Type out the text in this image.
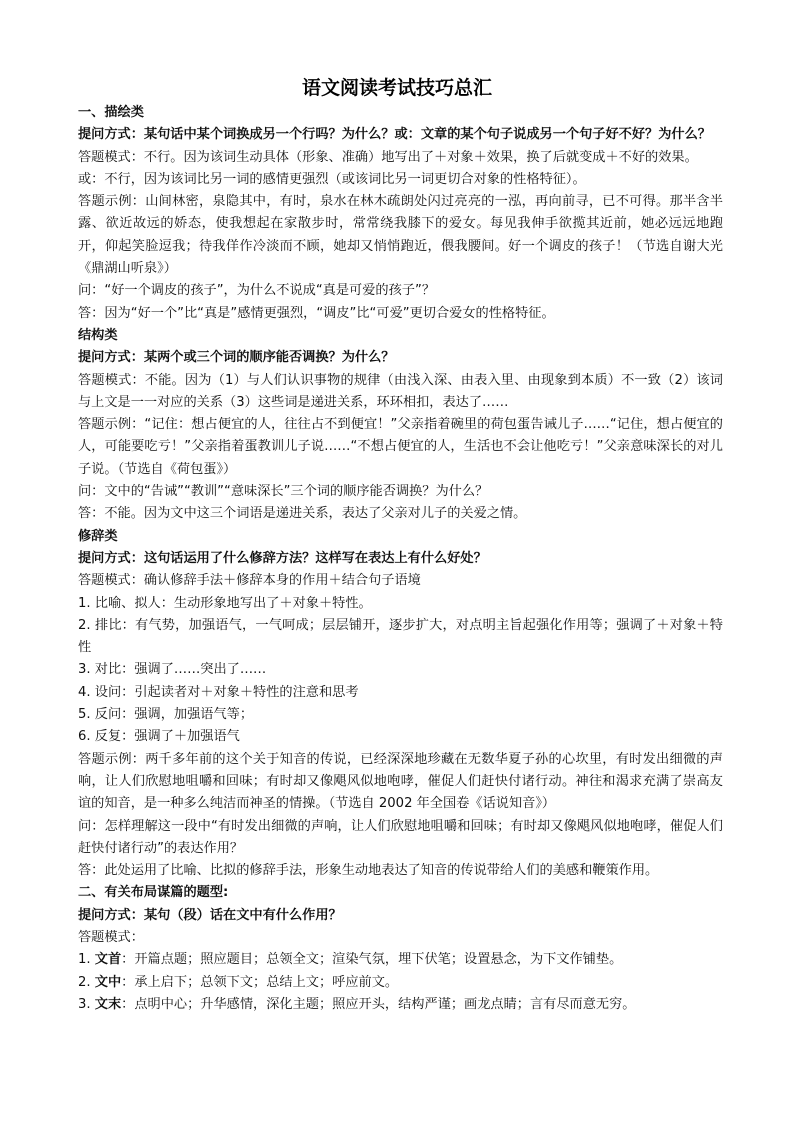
语文阅读考试技巧总汇

一、描绘类

提问方式：某句话中某个词换成另一个行吗？为什么？或：文章的某个句子说成另一个句子好不好？为什么？

答题模式：不行。因为该词生动具体（形象、准确）地写出了＋对象＋效果，换了后就变成＋不好的效果。

或：不行，因为该词比另一词的感情更强烈（或该词比另一词更切合对象的性格特征）。

答题示例：山间林密，泉隐其中，有时，泉水在林木疏朗处闪过亮亮的一泓，再向前寻，已不可得。那半含半露、欲近故远的娇态，使我想起在家散步时，常常绕我膝下的爱女。每见我伸手欲揽其近前，她必远远地跑开，仰起笑脸逗我；待我佯作冷淡而不顾，她却又悄悄跑近，偎我腰间。好一个调皮的孩子！（节选自谢大光《鼎湖山听泉》）

问：“好一个调皮的孩子”，为什么不说成“真是可爱的孩子”？

答：因为“好一个”比“真是”感情更强烈，“调皮”比“可爱”更切合爱女的性格特征。

结构类

提问方式：某两个或三个词的顺序能否调换？为什么？

答题模式：不能。因为（1）与人们认识事物的规律（由浅入深、由表入里、由现象到本质）不一致（2）该词与上文是一一对应的关系（3）这些词是递进关系，环环相扣，表达了……

答题示例：“记住：想占便宜的人，往往占不到便宜！”父亲指着碗里的荷包蛋告诫儿子……“记住，想占便宜的人，可能要吃亏！”父亲指着蛋教训儿子说……“不想占便宜的人，生活也不会让他吃亏！”父亲意味深长的对儿子说。（节选自《荷包蛋》）

问：文中的“告诫”“教训”“意味深长”三个词的顺序能否调换？为什么？

答：不能。因为文中这三个词语是递进关系，表达了父亲对儿子的关爱之情。

修辞类

提问方式：这句话运用了什么修辞方法？这样写在表达上有什么好处？

答题模式：确认修辞手法＋修辞本身的作用＋结合句子语境

1. 比喻、拟人：生动形象地写出了＋对象＋特性。

2. 排比：有气势，加强语气，一气呵成；层层铺开，逐步扩大，对点明主旨起强化作用等；强调了＋对象＋特性

3. 对比：强调了……突出了……

4. 设问：引起读者对＋对象＋特性的注意和思考

5. 反问：强调，加强语气等；

6. 反复：强调了＋加强语气

答题示例：两千多年前的这个关于知音的传说，已经深深地珍藏在无数华夏子孙的心坎里，有时发出细微的声响，让人们欣慰地咀嚼和回味；有时却又像飓风似地咆哮，催促人们赶快付诸行动。神往和渴求充满了崇高友谊的知音，是一种多么纯洁而神圣的情操。（节选自 2002 年全国卷《话说知音》）

问：怎样理解这一段中“有时发出细微的声响，让人们欣慰地咀嚼和回味；有时却又像飓风似地咆哮，催促人们赶快付诸行动”的表达作用？

答：此处运用了比喻、比拟的修辞手法，形象生动地表达了知音的传说带给人们的美感和鞭策作用。

二、有关布局谋篇的题型:

提问方式：某句（段）话在文中有什么作用？

答题模式：

1. 文首：开篇点题；照应题目；总领全文；渲染气氛，埋下伏笔；设置悬念，为下文作铺垫。

2. 文中：承上启下；总领下文；总结上文；呼应前文。

3. 文末：点明中心；升华感情，深化主题；照应开头，结构严谨；画龙点睛；言有尽而意无穷。
